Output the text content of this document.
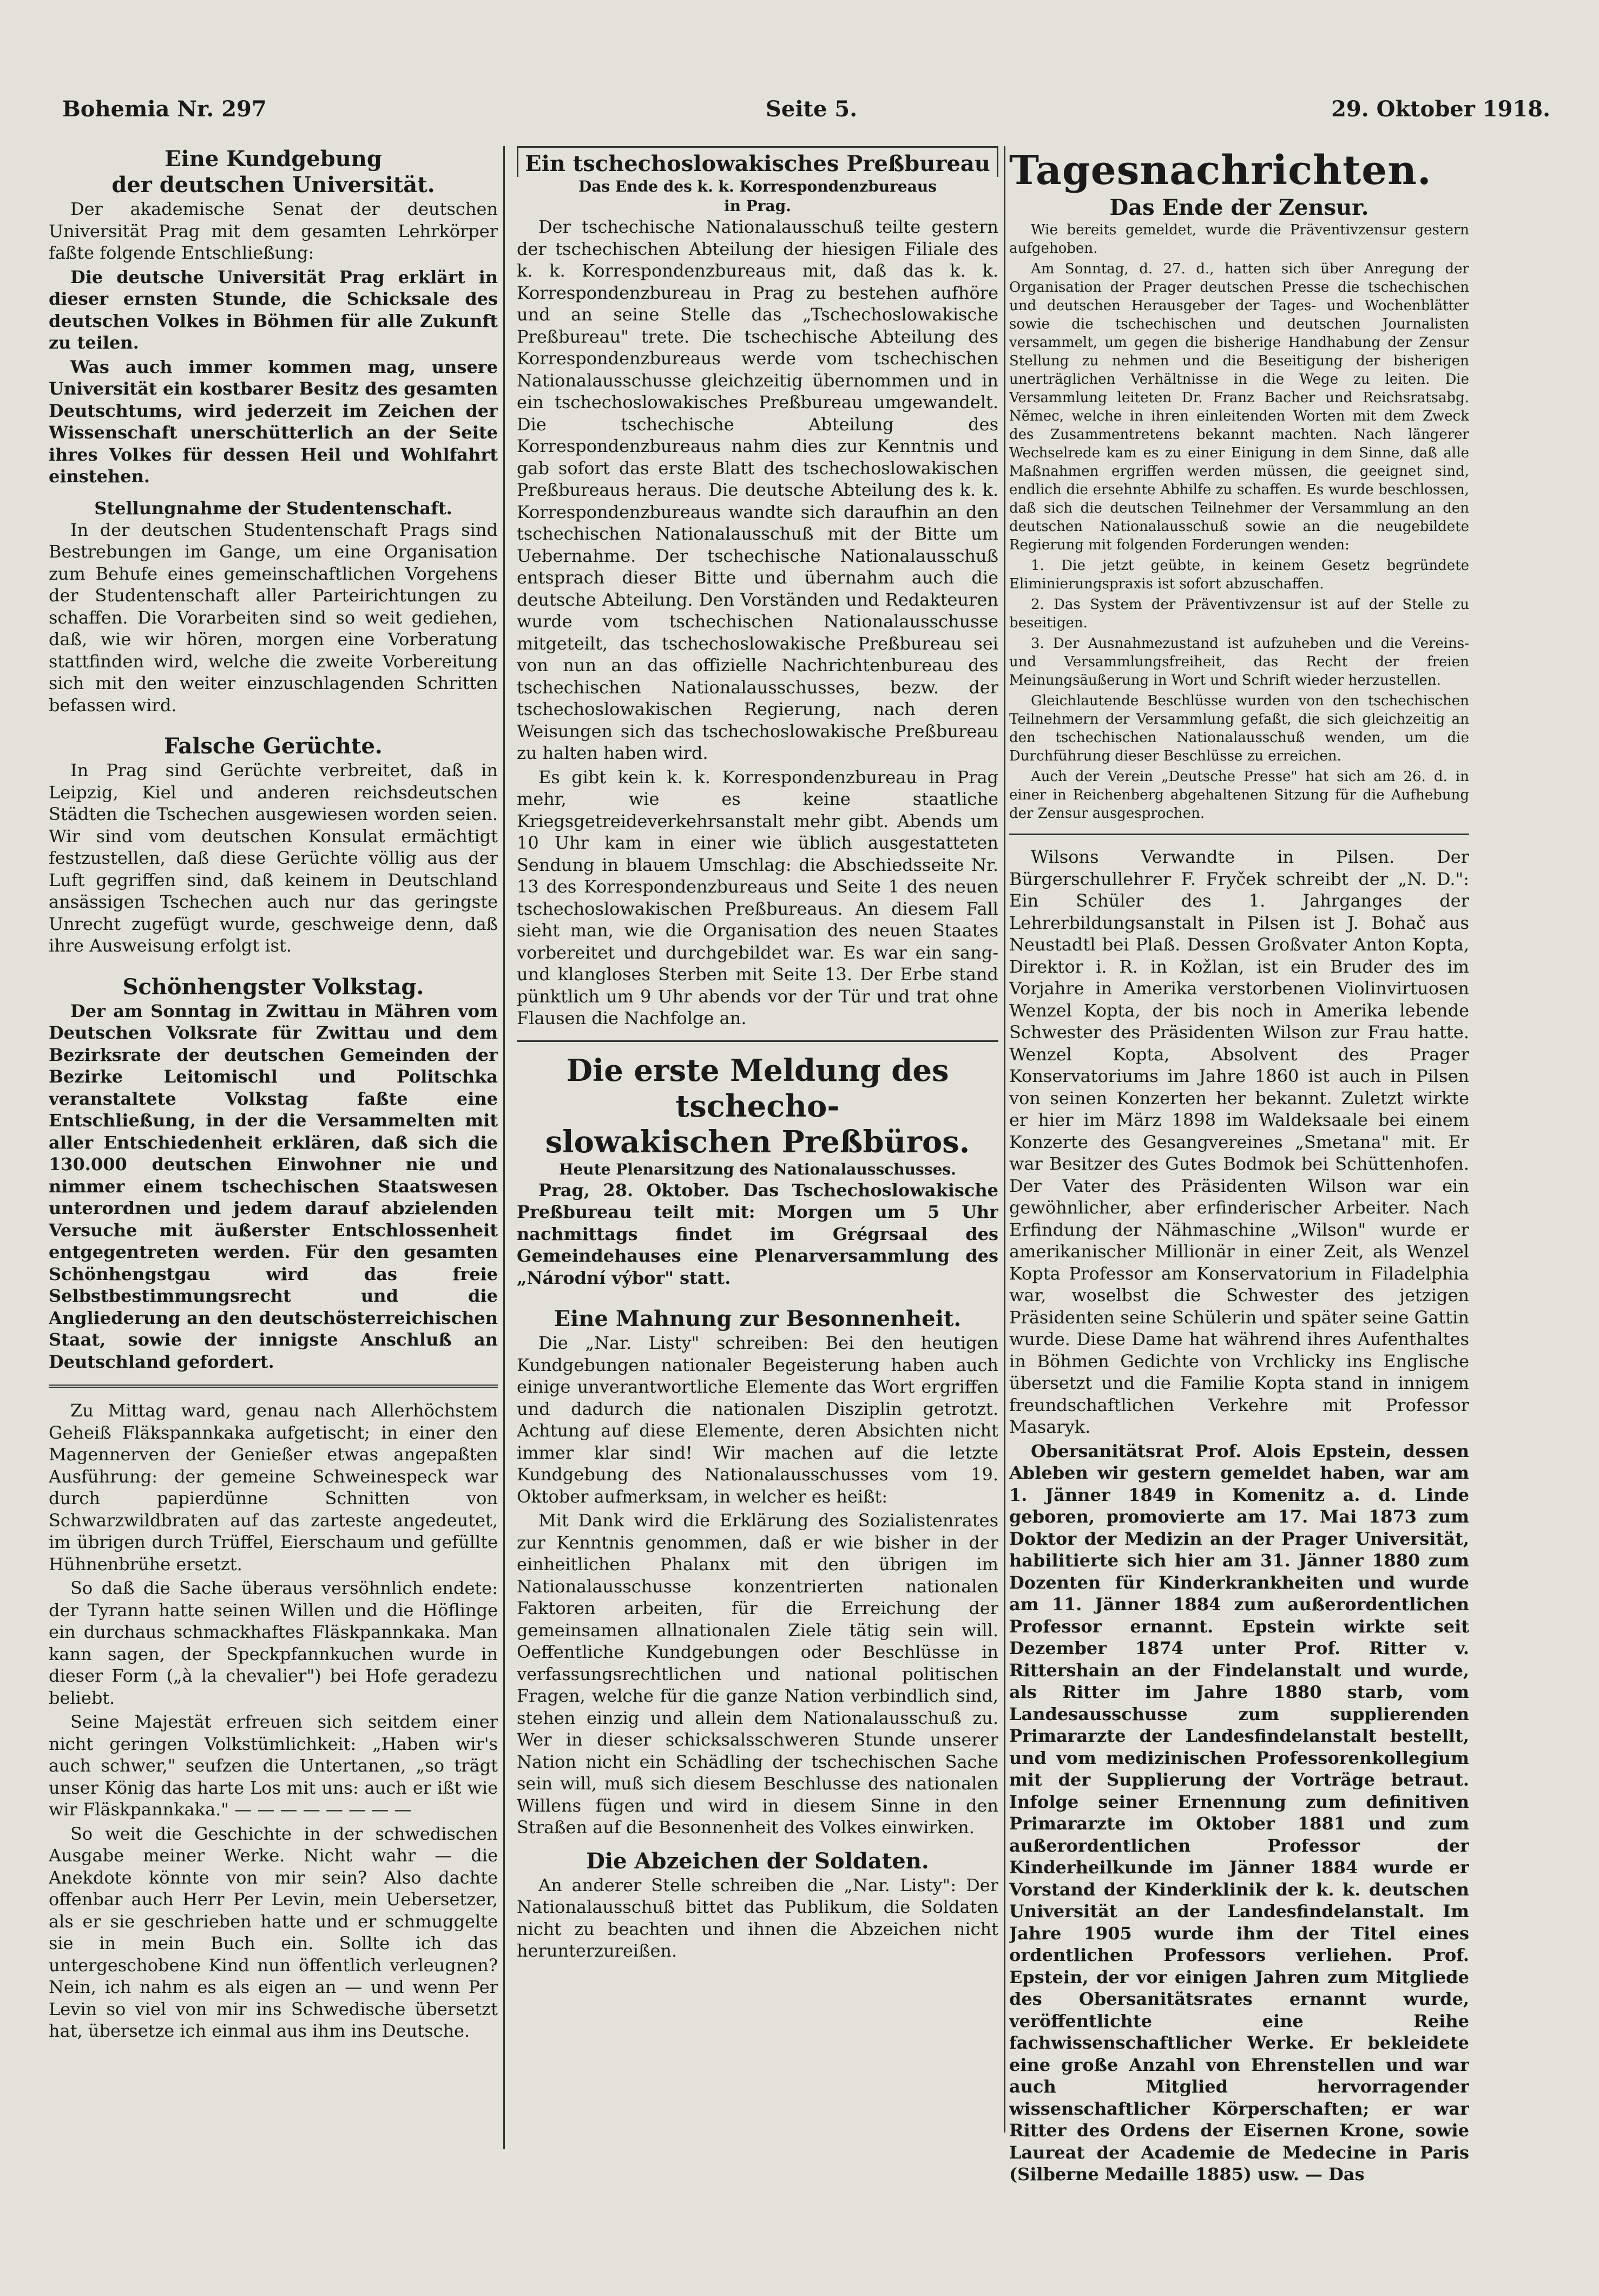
Bohemia Nr. 297	Seite 5.	29. Oktober 1918.
Eine Kundgebung
der deutschen Universität.

Der akademische Senat der deutschen Universität Prag mit dem gesamten Lehrkörper faßte folgende Entschließung:

Die deutsche Universität Prag erklärt in dieser ernsten Stunde, die Schicksale des deutschen Volkes in Böhmen für alle Zukunft zu teilen.

Was auch immer kommen mag, unsere Universität ein kostbarer Besitz des gesamten Deutschtums, wird jederzeit im Zeichen der Wissenschaft unerschütterlich an der Seite ihres Volkes für dessen Heil und Wohlfahrt einstehen.

Stellungnahme der Studentenschaft.

In der deutschen Studentenschaft Prags sind Bestrebungen im Gange, um eine Organisation zum Behufe eines gemeinschaftlichen Vorgehens der Studentenschaft aller Parteirichtungen zu schaffen. Die Vorarbeiten sind so weit gediehen, daß, wie wir hören, morgen eine Vorberatung stattfinden wird, welche die zweite Vorbereitung sich mit den weiter einzuschlagenden Schritten befassen wird.

Falsche Gerüchte.

In Prag sind Gerüchte verbreitet, daß in Leipzig, Kiel und anderen reichsdeutschen Städten die Tschechen ausgewiesen worden seien. Wir sind vom deutschen Konsulat ermächtigt festzustellen, daß diese Gerüchte völlig aus der Luft gegriffen sind, daß keinem in Deutschland ansässigen Tschechen auch nur das geringste Unrecht zugefügt wurde, geschweige denn, daß ihre Ausweisung erfolgt ist.

Schönhengster Volkstag.

Der am Sonntag in Zwittau in Mähren vom Deutschen Volksrate für Zwittau und dem Bezirksrate der deutschen Gemeinden der Bezirke Leitomischl und Politschka veranstaltete Volkstag faßte eine Entschließung, in der die Versammelten mit aller Entschiedenheit erklären, daß sich die 130.000 deutschen Einwohner nie und nimmer einem tschechischen Staatswesen unterordnen und jedem darauf abzielenden Versuche mit äußerster Entschlossenheit entgegentreten werden. Für den gesamten Schönhengstgau wird das freie Selbstbestimmungsrecht und die Angliederung an den deutschösterreichischen Staat, sowie der innigste Anschluß an Deutschland gefordert.

Zu Mittag ward, genau nach Allerhöchstem Geheiß Fläkspannkaka aufgetischt; in einer den Magennerven der Genießer etwas angepaßten Ausführung: der gemeine Schweinespeck war durch papierdünne Schnitten von Schwarzwildbraten auf das zarteste angedeutet, im übrigen durch Trüffel, Eierschaum und gefüllte Hühnenbrühe ersetzt.

So daß die Sache überaus versöhnlich endete: der Tyrann hatte seinen Willen und die Höflinge ein durchaus schmackhaftes Fläskpannkaka. Man kann sagen, der Speckpfannkuchen wurde in dieser Form („à la chevalier") bei Hofe geradezu beliebt.

Seine Majestät erfreuen sich seitdem einer nicht geringen Volkstümlichkeit: „Haben wir's auch schwer," seufzen die Untertanen, „so trägt unser König das harte Los mit uns: auch er ißt wie wir Fläskpannkaka." — — — — — — — —

So weit die Geschichte in der schwedischen Ausgabe meiner Werke. Nicht wahr — die Anekdote könnte von mir sein? Also dachte offenbar auch Herr Per Levin, mein Uebersetzer, als er sie geschrieben hatte und er schmuggelte sie in mein Buch ein. Sollte ich das untergeschobene Kind nun öffentlich verleugnen? Nein, ich nahm es als eigen an — und wenn Per Levin so viel von mir ins Schwedische übersetzt hat, übersetze ich einmal aus ihm ins Deutsche.

Ein tschechoslowakisches Preßbureau
Das Ende des k. k. Korrespondenzbureaus
in Prag.

Der tschechische Nationalausschuß teilte gestern der tschechischen Abteilung der hiesigen Filiale des k. k. Korrespondenzbureaus mit, daß das k. k. Korrespondenzbureau in Prag zu bestehen aufhöre und an seine Stelle das „Tschechoslowakische Preßbureau" trete. Die tschechische Abteilung des Korrespondenzbureaus werde vom tschechischen Nationalausschusse gleichzeitig übernommen und in ein tschechoslowakisches Preßbureau umgewandelt. Die tschechische Abteilung des Korrespondenzbureaus nahm dies zur Kenntnis und gab sofort das erste Blatt des tschechoslowakischen Preßbureaus heraus. Die deutsche Abteilung des k. k. Korrespondenzbureaus wandte sich daraufhin an den tschechischen Nationalausschuß mit der Bitte um Uebernahme. Der tschechische Nationalausschuß entsprach dieser Bitte und übernahm auch die deutsche Abteilung. Den Vorständen und Redakteuren wurde vom tschechischen Nationalausschusse mitgeteilt, das tschechoslowakische Preßbureau sei von nun an das offizielle Nachrichtenbureau des tschechischen Nationalausschusses, bezw. der tschechoslowakischen Regierung, nach deren Weisungen sich das tschechoslowakische Preßbureau zu halten haben wird.

Es gibt kein k. k. Korrespondenzbureau in Prag mehr, wie es keine staatliche Kriegsgetreideverkehrsanstalt mehr gibt. Abends um 10 Uhr kam in einer wie üblich ausgestatteten Sendung in blauem Umschlag: die Abschiedsseite Nr. 13 des Korrespondenzbureaus und Seite 1 des neuen tschechoslowakischen Preßbureaus. An diesem Fall sieht man, wie die Organisation des neuen Staates vorbereitet und durchgebildet war. Es war ein sang- und klangloses Sterben mit Seite 13. Der Erbe stand pünktlich um 9 Uhr abends vor der Tür und trat ohne Flausen die Nachfolge an.

Die erste Meldung des tschecho-
slowakischen Preßbüros.
Heute Plenarsitzung des Nationalausschusses.

Prag, 28. Oktober. Das Tschechoslowakische Preßbureau teilt mit: Morgen um 5 Uhr nachmittags findet im Grégrsaal des Gemeindehauses eine Plenarversammlung des „Národní výbor" statt.

Eine Mahnung zur Besonnenheit.

Die „Nar. Listy" schreiben: Bei den heutigen Kundgebungen nationaler Begeisterung haben auch einige unverantwortliche Elemente das Wort ergriffen und dadurch die nationalen Disziplin getrotzt. Achtung auf diese Elemente, deren Absichten nicht immer klar sind! Wir machen auf die letzte Kundgebung des Nationalausschusses vom 19. Oktober aufmerksam, in welcher es heißt:

Mit Dank wird die Erklärung des Sozialistenrates zur Kenntnis genommen, daß er wie bisher in der einheitlichen Phalanx mit den übrigen im Nationalausschusse konzentrierten nationalen Faktoren arbeiten, für die Erreichung der gemeinsamen allnationalen Ziele tätig sein will. Oeffentliche Kundgebungen oder Beschlüsse in verfassungsrechtlichen und national politischen Fragen, welche für die ganze Nation verbindlich sind, stehen einzig und allein dem Nationalausschuß zu. Wer in dieser schicksalsschweren Stunde unserer Nation nicht ein Schädling der tschechischen Sache sein will, muß sich diesem Beschlusse des nationalen Willens fügen und wird in diesem Sinne in den Straßen auf die Besonnenheit des Volkes einwirken.

Die Abzeichen der Soldaten.

An anderer Stelle schreiben die „Nar. Listy": Der Nationalausschuß bittet das Publikum, die Soldaten nicht zu beachten und ihnen die Abzeichen nicht herunterzureißen.

Tagesnachrichten.
Das Ende der Zensur.

Wie bereits gemeldet, wurde die Präventivzensur gestern aufgehoben.

Am Sonntag, d. 27. d., hatten sich über Anregung der Organisation der Prager deutschen Presse die tschechischen und deutschen Herausgeber der Tages- und Wochenblätter sowie die tschechischen und deutschen Journalisten versammelt, um gegen die bisherige Handhabung der Zensur Stellung zu nehmen und die Beseitigung der bisherigen unerträglichen Verhältnisse in die Wege zu leiten. Die Versammlung leiteten Dr. Franz Bacher und Reichsratsabg. Němec, welche in ihren einleitenden Worten mit dem Zweck des Zusammentretens bekannt machten. Nach längerer Wechselrede kam es zu einer Einigung in dem Sinne, daß alle Maßnahmen ergriffen werden müssen, die geeignet sind, endlich die ersehnte Abhilfe zu schaffen. Es wurde beschlossen, daß sich die deutschen Teilnehmer der Versammlung an den deutschen Nationalausschuß sowie an die neugebildete Regierung mit folgenden Forderungen wenden:

1. Die jetzt geübte, in keinem Gesetz begründete Eliminierungspraxis ist sofort abzuschaffen.

2. Das System der Präventivzensur ist auf der Stelle zu beseitigen.

3. Der Ausnahmezustand ist aufzuheben und die Vereins- und Versammlungsfreiheit, das Recht der freien Meinungsäußerung in Wort und Schrift wieder herzustellen.

Gleichlautende Beschlüsse wurden von den tschechischen Teilnehmern der Versammlung gefaßt, die sich gleichzeitig an den tschechischen Nationalausschuß wenden, um die Durchführung dieser Beschlüsse zu erreichen.

Auch der Verein „Deutsche Presse" hat sich am 26. d. in einer in Reichenberg abgehaltenen Sitzung für die Aufhebung der Zensur ausgesprochen.

Wilsons Verwandte in Pilsen. Der Bürgerschullehrer F. Fryček schreibt der „N. D.": Ein Schüler des 1. Jahrganges der Lehrerbildungsanstalt in Pilsen ist J. Bohač aus Neustadtl bei Plaß. Dessen Großvater Anton Kopta, Direktor i. R. in Kožlan, ist ein Bruder des im Vorjahre in Amerika verstorbenen Violinvirtuosen Wenzel Kopta, der bis noch in Amerika lebende Schwester des Präsidenten Wilson zur Frau hatte. Wenzel Kopta, Absolvent des Prager Konservatoriums im Jahre 1860 ist auch in Pilsen von seinen Konzerten her bekannt. Zuletzt wirkte er hier im März 1898 im Waldeksaale bei einem Konzerte des Gesangvereines „Smetana" mit. Er war Besitzer des Gutes Bodmok bei Schüttenhofen. Der Vater des Präsidenten Wilson war ein gewöhnlicher, aber erfinderischer Arbeiter. Nach Erfindung der Nähmaschine „Wilson" wurde er amerikanischer Millionär in einer Zeit, als Wenzel Kopta Professor am Konservatorium in Filadelphia war, woselbst die Schwester des jetzigen Präsidenten seine Schülerin und später seine Gattin wurde. Diese Dame hat während ihres Aufenthaltes in Böhmen Gedichte von Vrchlicky ins Englische übersetzt und die Familie Kopta stand in innigem freundschaftlichen Verkehre mit Professor Masaryk.

Obersanitätsrat Prof. Alois Epstein, dessen Ableben wir gestern gemeldet haben, war am 1. Jänner 1849 in Komenitz a. d. Linde geboren, promovierte am 17. Mai 1873 zum Doktor der Medizin an der Prager Universität, habilitierte sich hier am 31. Jänner 1880 zum Dozenten für Kinderkrankheiten und wurde am 11. Jänner 1884 zum außerordentlichen Professor ernannt. Epstein wirkte seit Dezember 1874 unter Prof. Ritter v. Rittershain an der Findelanstalt und wurde, als Ritter im Jahre 1880 starb, vom Landesausschusse zum supplierenden Primararzte der Landesfindelanstalt bestellt, und vom medizinischen Professorenkollegium mit der Supplierung der Vorträge betraut. Infolge seiner Ernennung zum definitiven Primararzte im Oktober 1881 und zum außerordentlichen Professor der Kinderheilkunde im Jänner 1884 wurde er Vorstand der Kinderklinik der k. k. deutschen Universität an der Landesfindelanstalt. Im Jahre 1905 wurde ihm der Titel eines ordentlichen Professors verliehen. Prof. Epstein, der vor einigen Jahren zum Mitgliede des Obersanitätsrates ernannt wurde, veröffentlichte eine Reihe fachwissenschaftlicher Werke. Er bekleidete eine große Anzahl von Ehrenstellen und war auch Mitglied hervorragender wissenschaftlicher Körperschaften; er war Ritter des Ordens der Eisernen Krone, sowie Laureat der Academie de Medecine in Paris (Silberne Medaille 1885) usw. — Das
